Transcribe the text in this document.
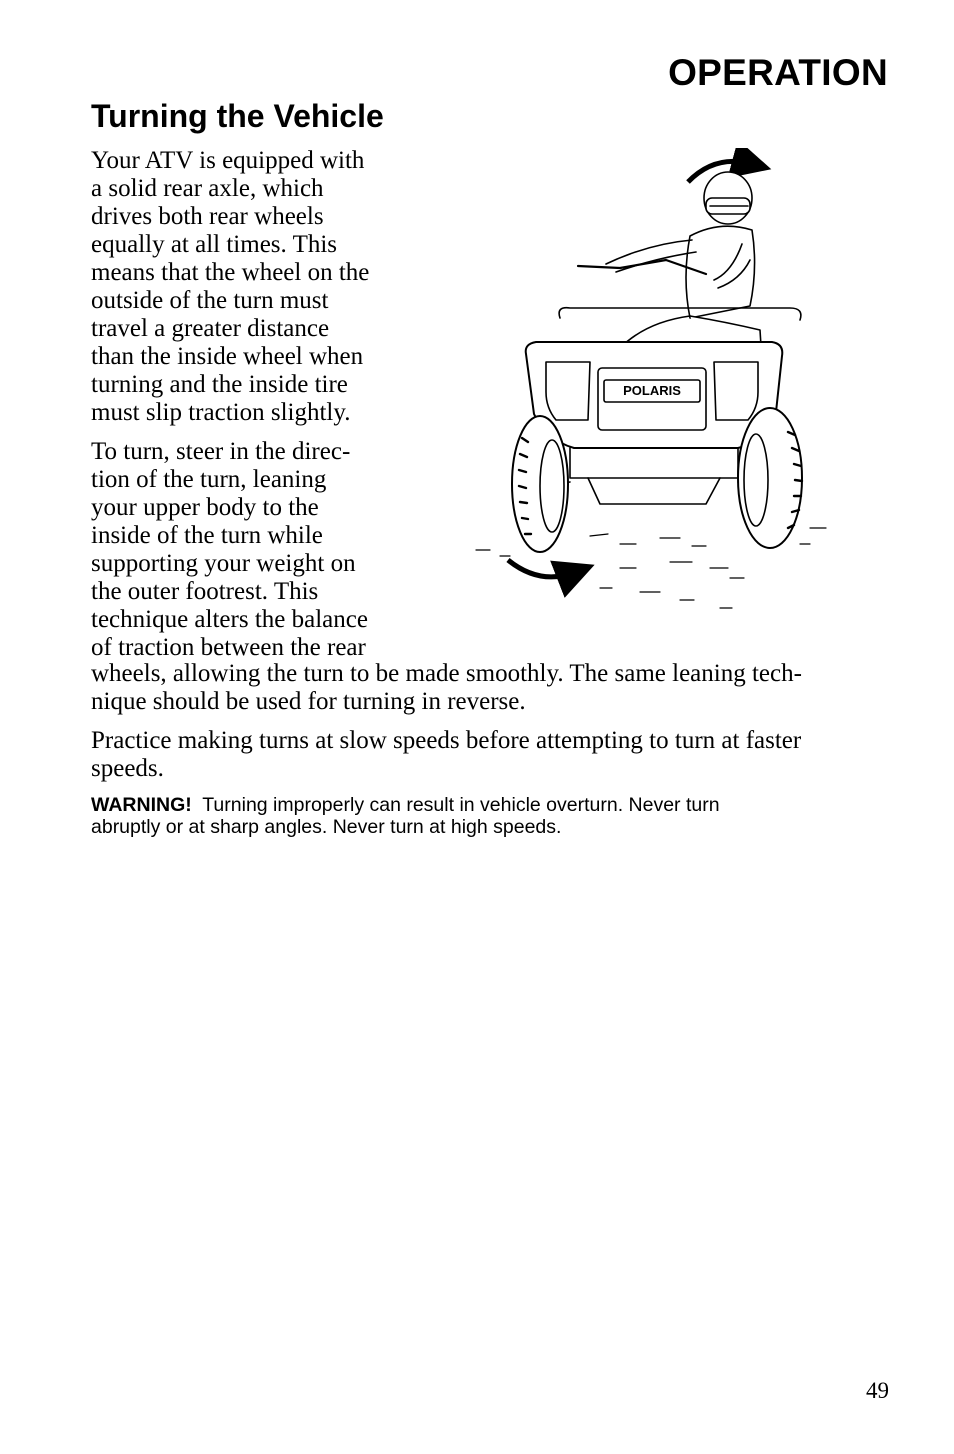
OPERATION
Turning the Vehicle
Your ATV is equipped with
a solid rear axle, which
drives both rear wheels
equally at all times. This
means that the wheel on the
outside of the turn must
travel a greater distance
than the inside wheel when
turning and the inside tire
must slip traction slightly.
To turn, steer in the direc-
tion of the turn, leaning
your upper body to the
inside of the turn while
supporting your weight on
the outer footrest. This
technique alters the balance
of traction between the rear
wheels, allowing the turn to be made smoothly. The same leaning tech-
nique should be used for turning in reverse.
Practice making turns at slow speeds before attempting to turn at faster
speeds.
WARNING! Turning improperly can result in vehicle overturn. Never turn
abruptly or at sharp angles. Never turn at high speeds.
POLARIS
49
